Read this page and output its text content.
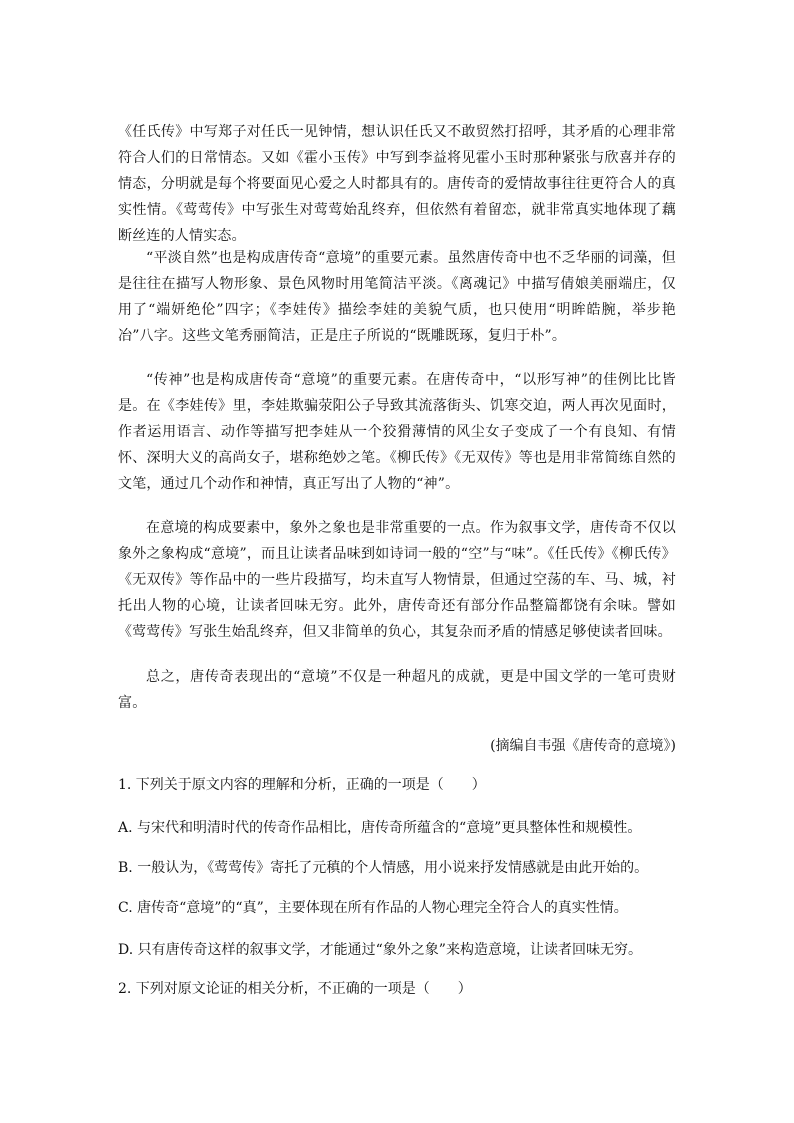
《任氏传》中写郑子对任氏一见钟情，想认识任氏又不敢贸然打招呼，其矛盾的心理非常符合人们的日常情态。又如《霍小玉传》中写到李益将见霍小玉时那种紧张与欣喜并存的情态，分明就是每个将要面见心爱之人时都具有的。唐传奇的爱情故事往往更符合人的真实性情。《莺莺传》中写张生对莺莺始乱终弃，但依然有着留恋，就非常真实地体现了藕断丝连的人情实态。

“平淡自然”也是构成唐传奇“意境”的重要元素。虽然唐传奇中也不乏华丽的词藻，但是往往在描写人物形象、景色风物时用笔简洁平淡。《离魂记》中描写倩娘美丽端庄，仅用了“端妍绝伦”四字；《李娃传》描绘李娃的美貌气质，也只使用“明眸皓腕，举步艳冶”八字。这些文笔秀丽简洁，正是庄子所说的“既雕既琢，复归于朴”。

“传神”也是构成唐传奇“意境”的重要元素。在唐传奇中，“以形写神”的佳例比比皆是。在《李娃传》里，李娃欺骗荥阳公子导致其流落街头、饥寒交迫，两人再次见面时，作者运用语言、动作等描写把李娃从一个狡猾薄情的风尘女子变成了一个有良知、有情怀、深明大义的高尚女子，堪称绝妙之笔。《柳氏传》《无双传》等也是用非常简练自然的文笔，通过几个动作和神情，真正写出了人物的“神”。

在意境的构成要素中，象外之象也是非常重要的一点。作为叙事文学，唐传奇不仅以象外之象构成“意境”，而且让读者品味到如诗词一般的“空”与“味”。《任氏传》《柳氏传》《无双传》等作品中的一些片段描写，均未直写人物情景，但通过空荡的车、马、城，衬托出人物的心境，让读者回味无穷。此外，唐传奇还有部分作品整篇都饶有余味。譬如《莺莺传》写张生始乱终弃，但又非简单的负心，其复杂而矛盾的情感足够使读者回味。

总之，唐传奇表现出的“意境”不仅是一种超凡的成就，更是中国文学的一笔可贵财富。

(摘编自韦强《唐传奇的意境》)

1. 下列关于原文内容的理解和分析，正确的一项是（　　）

A. 与宋代和明清时代的传奇作品相比，唐传奇所蕴含的“意境”更具整体性和规模性。

B. 一般认为，《莺莺传》寄托了元稹的个人情感，用小说来抒发情感就是由此开始的。

C. 唐传奇“意境”的“真”，主要体现在所有作品的人物心理完全符合人的真实性情。

D. 只有唐传奇这样的叙事文学，才能通过“象外之象”来构造意境，让读者回味无穷。

2. 下列对原文论证的相关分析，不正确的一项是（　　）
